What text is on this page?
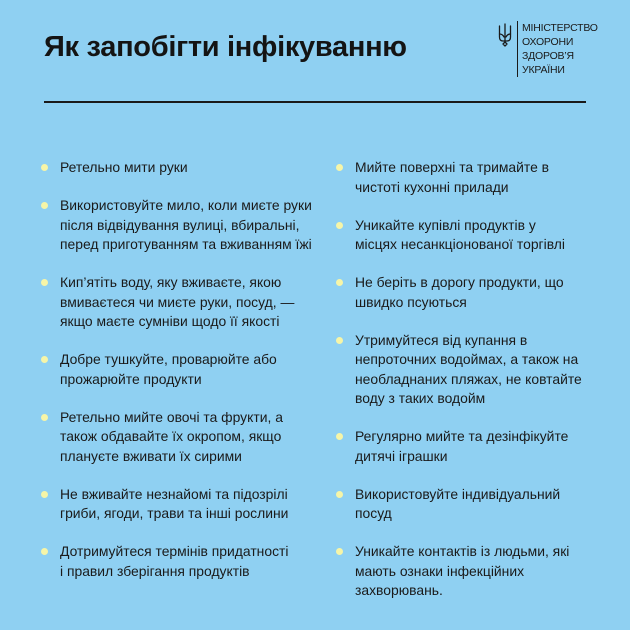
Як запобігти інфікуванню
МІНІСТЕРСТВО
ОХОРОНИ
ЗДОРОВ’Я
УКРАЇНИ
Ретельно мити руки
Використовуйте мило, коли миєте руки
після відвідування вулиці, вбиральні,
перед приготуванням та вживанням їжі
Кип’ятіть воду, яку вживаєте, якою
вмиваєтеся чи миєте руки, посуд, —
якщо маєте сумніви щодо її якості
Добре тушкуйте, проварюйте або
прожарюйте продукти
Ретельно мийте овочі та фрукти, а
також обдавайте їх окропом, якщо
плануєте вживати їх сирими
Не вживайте незнайомі та підозрілі
гриби, ягоди, трави та інші рослини
Дотримуйтеся термінів придатності
і правил зберігання продуктів
Мийте поверхні та тримайте в
чистоті кухонні прилади
Уникайте купівлі продуктів у
місцях несанкціонованої торгівлі
Не беріть в дорогу продукти, що
швидко псуються
Утримуйтеся від купання в
непроточних водоймах, а також на
необладнаних пляжах, не ковтайте
воду з таких водойм
Регулярно мийте та дезінфікуйте
дитячі іграшки
Використовуйте індивідуальний
посуд
Уникайте контактів із людьми, які
мають ознаки інфекційних
захворювань.
